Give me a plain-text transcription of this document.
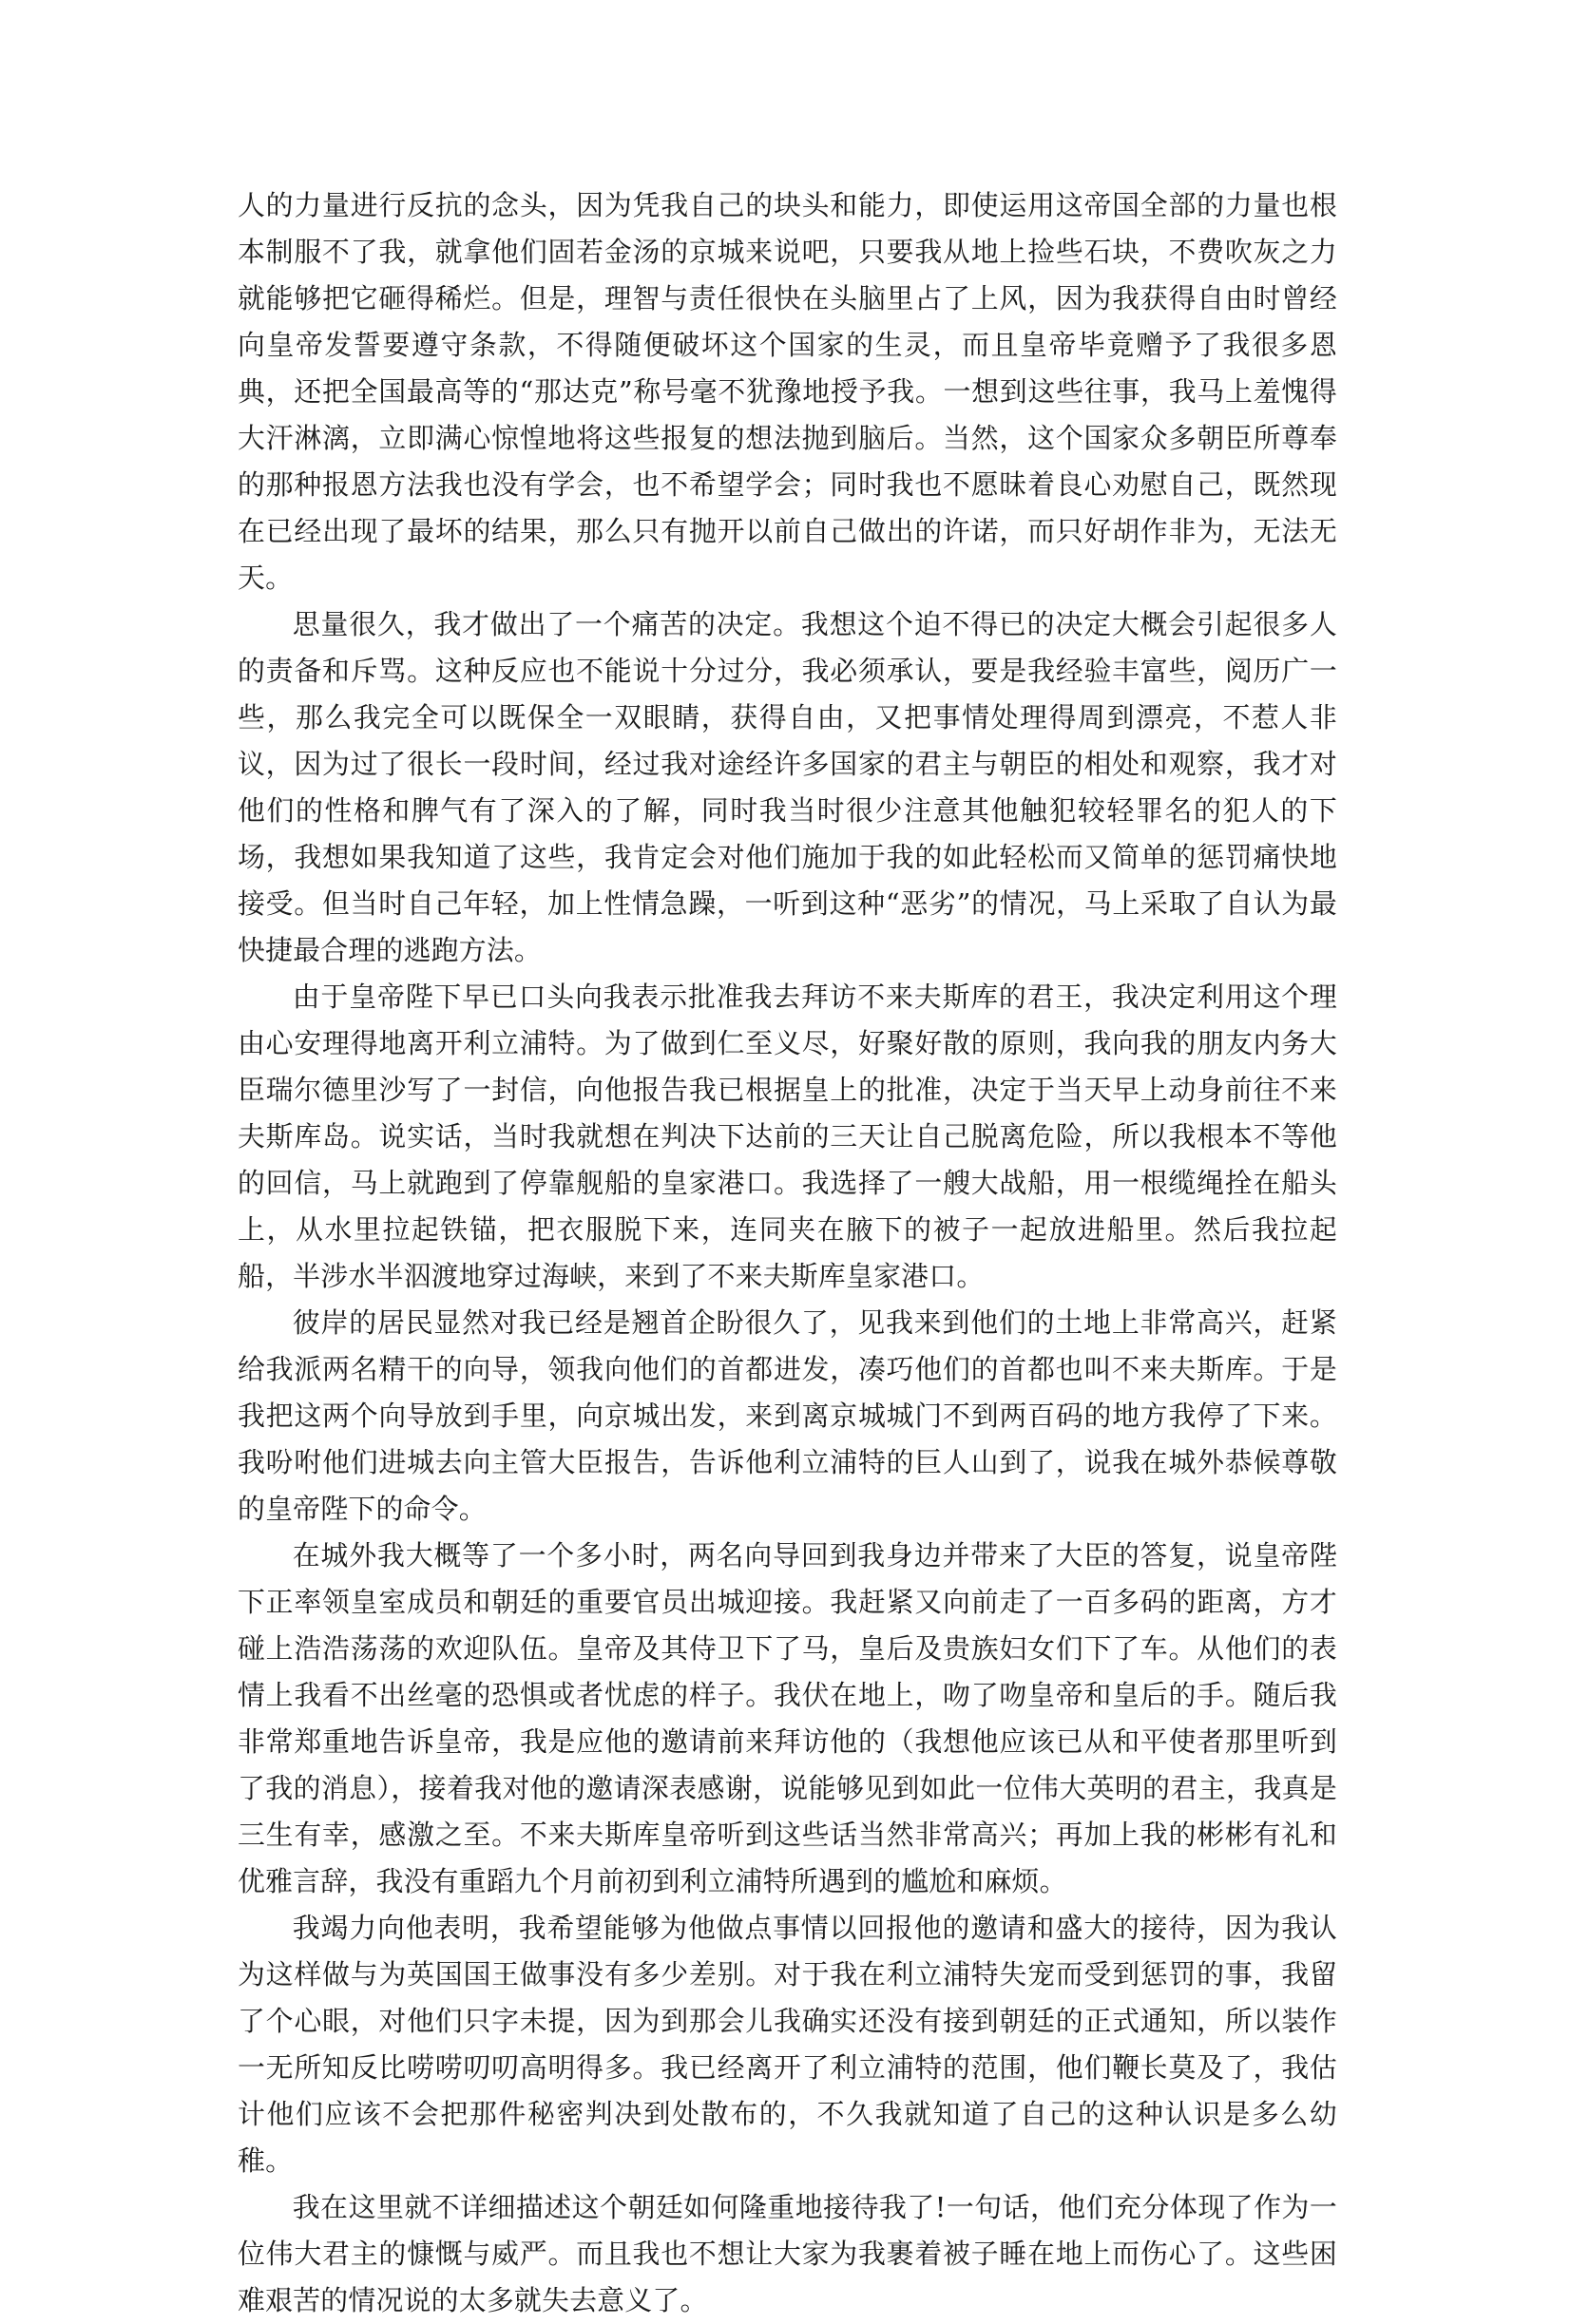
人的力量进行反抗的念头，因为凭我自己的块头和能力，即使运用这帝国全部的力量也根本制服不了我，就拿他们固若金汤的京城来说吧，只要我从地上捡些石块，不费吹灰之力就能够把它砸得稀烂。但是，理智与责任很快在头脑里占了上风，因为我获得自由时曾经向皇帝发誓要遵守条款，不得随便破坏这个国家的生灵，而且皇帝毕竟赠予了我很多恩典，还把全国最高等的“那达克”称号毫不犹豫地授予我。一想到这些往事，我马上羞愧得大汗淋漓，立即满心惊惶地将这些报复的想法抛到脑后。当然，这个国家众多朝臣所尊奉的那种报恩方法我也没有学会，也不希望学会；同时我也不愿昧着良心劝慰自己，既然现在已经出现了最坏的结果，那么只有抛开以前自己做出的许诺，而只好胡作非为，无法无天。

思量很久，我才做出了一个痛苦的决定。我想这个迫不得已的决定大概会引起很多人的责备和斥骂。这种反应也不能说十分过分，我必须承认，要是我经验丰富些，阅历广一些，那么我完全可以既保全一双眼睛，获得自由，又把事情处理得周到漂亮，不惹人非议，因为过了很长一段时间，经过我对途经许多国家的君主与朝臣的相处和观察，我才对他们的性格和脾气有了深入的了解，同时我当时很少注意其他触犯较轻罪名的犯人的下场，我想如果我知道了这些，我肯定会对他们施加于我的如此轻松而又简单的惩罚痛快地接受。但当时自己年轻，加上性情急躁，一听到这种“恶劣”的情况，马上采取了自认为最快捷最合理的逃跑方法。

由于皇帝陛下早已口头向我表示批准我去拜访不来夫斯库的君王，我决定利用这个理由心安理得地离开利立浦特。为了做到仁至义尽，好聚好散的原则，我向我的朋友内务大臣瑞尔德里沙写了一封信，向他报告我已根据皇上的批准，决定于当天早上动身前往不来夫斯库岛。说实话，当时我就想在判决下达前的三天让自己脱离危险，所以我根本不等他的回信，马上就跑到了停靠舰船的皇家港口。我选择了一艘大战船，用一根缆绳拴在船头上，从水里拉起铁锚，把衣服脱下来，连同夹在腋下的被子一起放进船里。然后我拉起船，半涉水半泅渡地穿过海峡，来到了不来夫斯库皇家港口。

彼岸的居民显然对我已经是翘首企盼很久了，见我来到他们的土地上非常高兴，赶紧给我派两名精干的向导，领我向他们的首都进发，凑巧他们的首都也叫不来夫斯库。于是我把这两个向导放到手里，向京城出发，来到离京城城门不到两百码的地方我停了下来。我吩咐他们进城去向主管大臣报告，告诉他利立浦特的巨人山到了，说我在城外恭候尊敬的皇帝陛下的命令。

在城外我大概等了一个多小时，两名向导回到我身边并带来了大臣的答复，说皇帝陛下正率领皇室成员和朝廷的重要官员出城迎接。我赶紧又向前走了一百多码的距离，方才碰上浩浩荡荡的欢迎队伍。皇帝及其侍卫下了马，皇后及贵族妇女们下了车。从他们的表情上我看不出丝毫的恐惧或者忧虑的样子。我伏在地上，吻了吻皇帝和皇后的手。随后我非常郑重地告诉皇帝，我是应他的邀请前来拜访他的（我想他应该已从和平使者那里听到了我的消息），接着我对他的邀请深表感谢，说能够见到如此一位伟大英明的君主，我真是三生有幸，感激之至。不来夫斯库皇帝听到这些话当然非常高兴；再加上我的彬彬有礼和优雅言辞，我没有重蹈九个月前初到利立浦特所遇到的尴尬和麻烦。

我竭力向他表明，我希望能够为他做点事情以回报他的邀请和盛大的接待，因为我认为这样做与为英国国王做事没有多少差别。对于我在利立浦特失宠而受到惩罚的事，我留了个心眼，对他们只字未提，因为到那会儿我确实还没有接到朝廷的正式通知，所以装作一无所知反比唠唠叨叨高明得多。我已经离开了利立浦特的范围，他们鞭长莫及了，我估计他们应该不会把那件秘密判决到处散布的，不久我就知道了自己的这种认识是多么幼稚。

我在这里就不详细描述这个朝廷如何隆重地接待我了!一句话，他们充分体现了作为一位伟大君主的慷慨与威严。而且我也不想让大家为我裹着被子睡在地上而伤心了。这些困难艰苦的情况说的太多就失去意义了。
